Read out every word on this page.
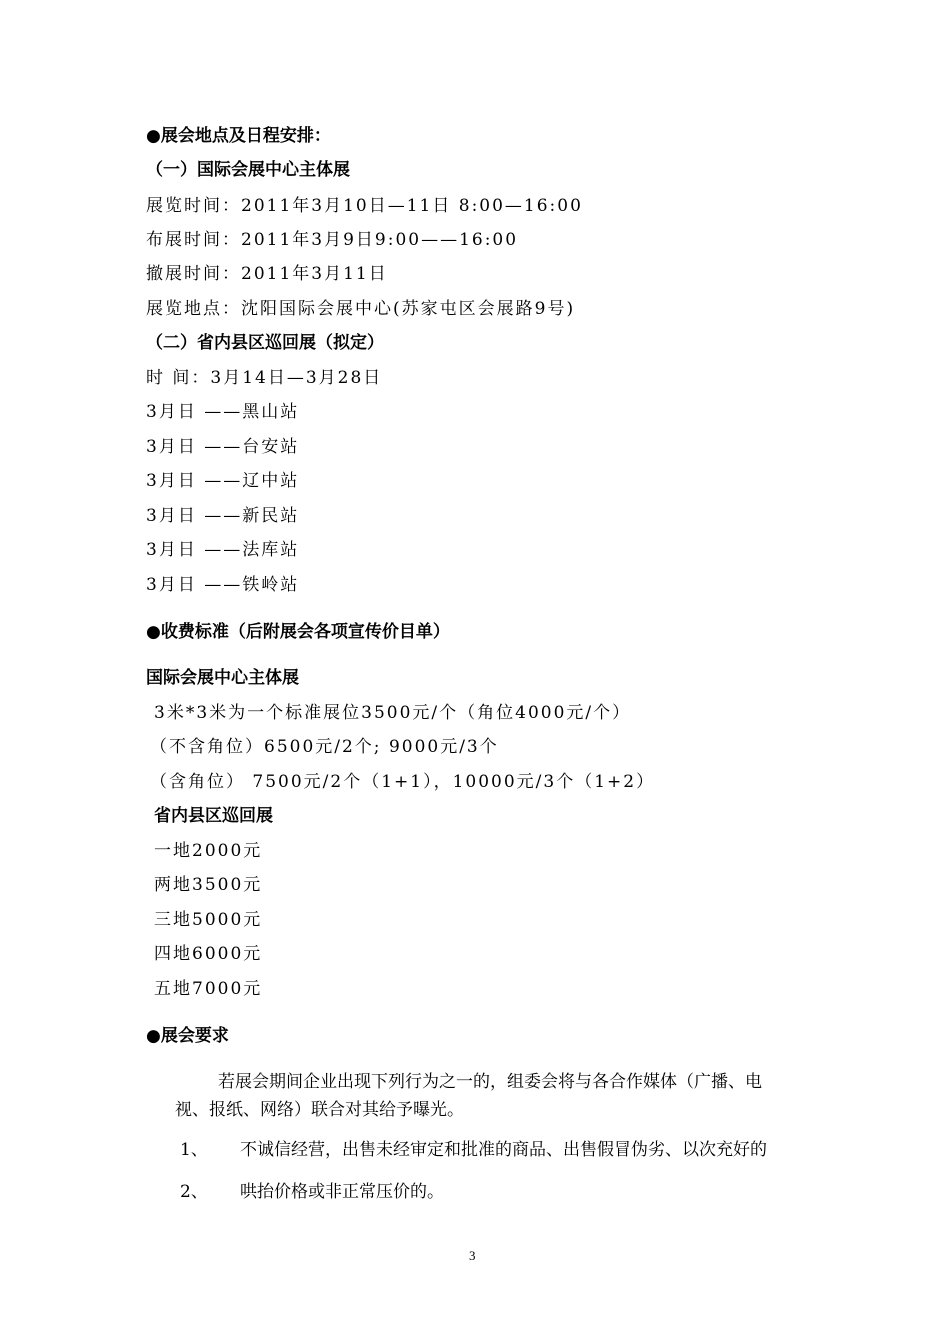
●展会地点及日程安排：
（一）国际会展中心主体展
展览时间：2011年3月10日—11日 8:00—16:00
布展时间：2011年3月9日9:00——16:00
撤展时间：2011年3月11日
展览地点：沈阳国际会展中心(苏家屯区会展路9号)
（二）省内县区巡回展（拟定）
时 间：3月14日—3月28日
3月日 ——黑山站
3月日 ——台安站
3月日 ——辽中站
3月日 ——新民站
3月日 ——法库站
3月日 ——铁岭站
●收费标准（后附展会各项宣传价目单）
国际会展中心主体展
3米*3米为一个标准展位3500元/个（角位4000元/个）
（不含角位）6500元/2个; 9000元/3个
（含角位） 7500元/2个（1+1），10000元/3个（1+2）
省内县区巡回展
一地2000元
两地3500元
三地5000元
四地6000元
五地7000元
●展会要求
若展会期间企业出现下列行为之一的，组委会将与各合作媒体（广播、电
视、报纸、网络）联合对其给予曝光。
1、 不诚信经营，出售未经审定和批准的商品、出售假冒伪劣、以次充好的
2、 哄抬价格或非正常压价的。
3
